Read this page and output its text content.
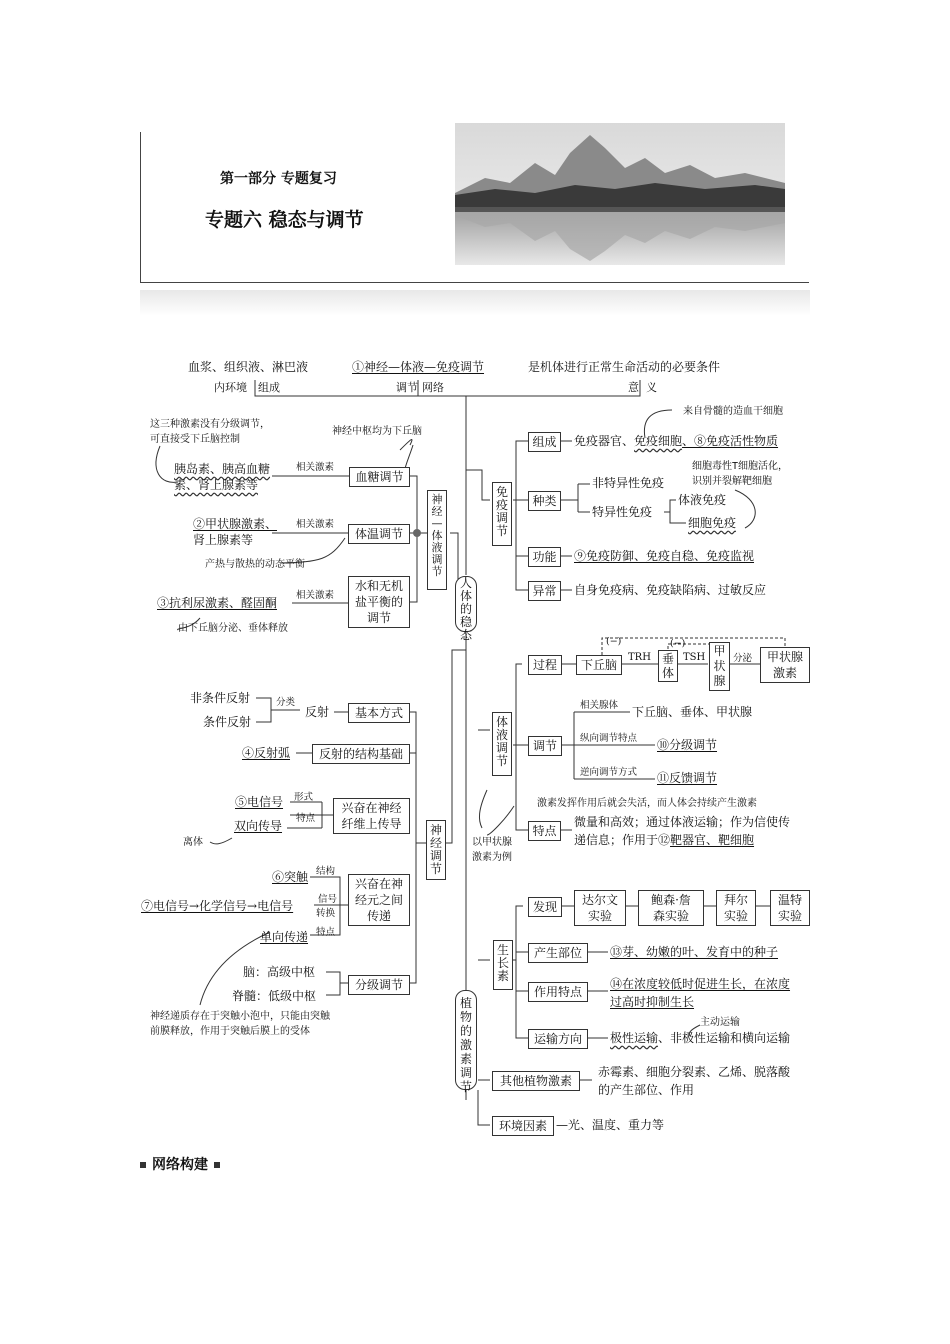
第一部分 专题复习
专题六 稳态与调节
血浆、组织液、淋巴液	①神经—体液—免疫调节	是机体进行正常生命活动的必要条件
内环境 组成	调节 网络	意 义
人体的稳态
植物的激素调节
神经—体液调节
神经调节
免疫调节
体液调节
生长素
这三种激素没有分级调节，
可直接受下丘脑控制
神经中枢均为下丘脑
胰岛素、胰高血糖
素、肾上腺素等
相关激素
血糖调节
②甲状腺激素、
肾上腺素等
相关激素
体温调节
产热与散热的动态平衡
水和无机
盐平衡的
调节
③抗利尿激素、醛固酮
相关激素
由下丘脑分泌、垂体释放
非条件反射
条件反射
分类
反射	基本方式
④反射弧	反射的结构基础
⑤电信号 形式
双向传导
特点
兴奋在神经
纤维上传导
离体
⑥突触 结构
⑦电信号→化学信号→电信号	信号
转换
单向传递 特点
兴奋在神
经元之间
传递
脑：高级中枢
脊髓：低级中枢
分级调节
神经递质存在于突触小泡中，只能由突触
前膜释放，作用于突触后膜上的受体
来自骨髓的造血干细胞
组成	免疫器官、免疫细胞、⑧免疫活性物质
细胞毒性T细胞活化，
识别并裂解靶细胞
种类
非特异性免疫
特异性免疫
体液免疫
细胞免疫
功能	⑨免疫防御、免疫自稳、免疫监视
异常	自身免疫病、免疫缺陷病、过敏反应
过程	下丘脑
TRH 垂体
TSH 甲
状
腺
分泌	甲状腺
激素
(−)	(−)
调节
相关腺体 下丘脑、垂体、甲状腺
纵向调节特点 ⑩分级调节
逆向调节方式 ⑪反馈调节
以甲状腺
激素为例
激素发挥作用后就会失活，而人体会持续产生激素
特点
微量和高效；通过体液运输；作为信使传
递信息；作用于⑫靶器官、靶细胞
发现	达尔文
实验
鲍森·詹
森实验
拜尔
实验
温特
实验
产生部位	⑬芽、幼嫩的叶、发育中的种子
作用特点
⑭在浓度较低时促进生长，在浓度
过高时抑制生长
主动运输
运输方向	极性运输、非极性运输和横向运输
其他植物激素
赤霉素、细胞分裂素、乙烯、脱落酸
的产生部位、作用
环境因素 —光、温度、重力等
网络构建
